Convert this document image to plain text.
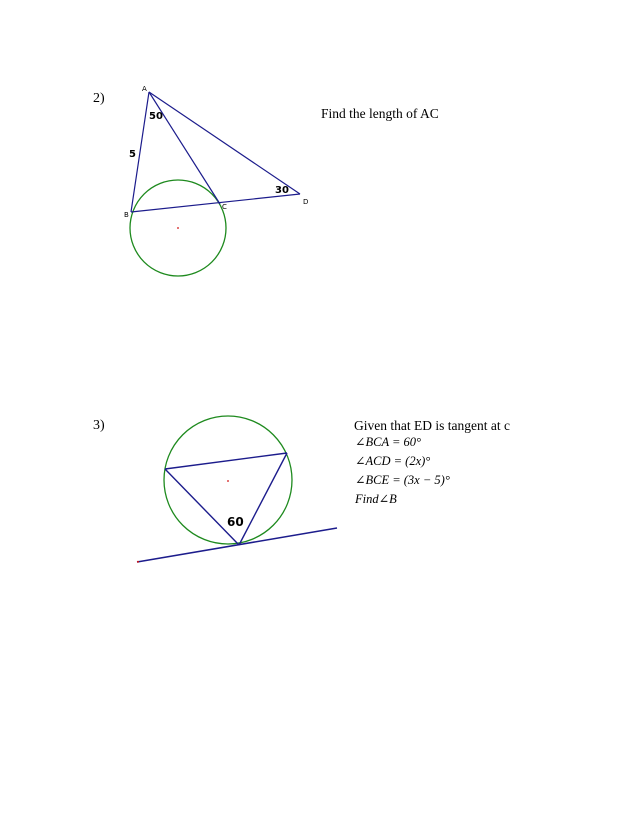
2)
Find the length of AC
A
B
C
D
50
5
30
3)	Given that ED is tangent at c
∠BCA = 60°
∠ACD = (2x)°
∠BCE = (3x − 5)°
Find∠B
60
